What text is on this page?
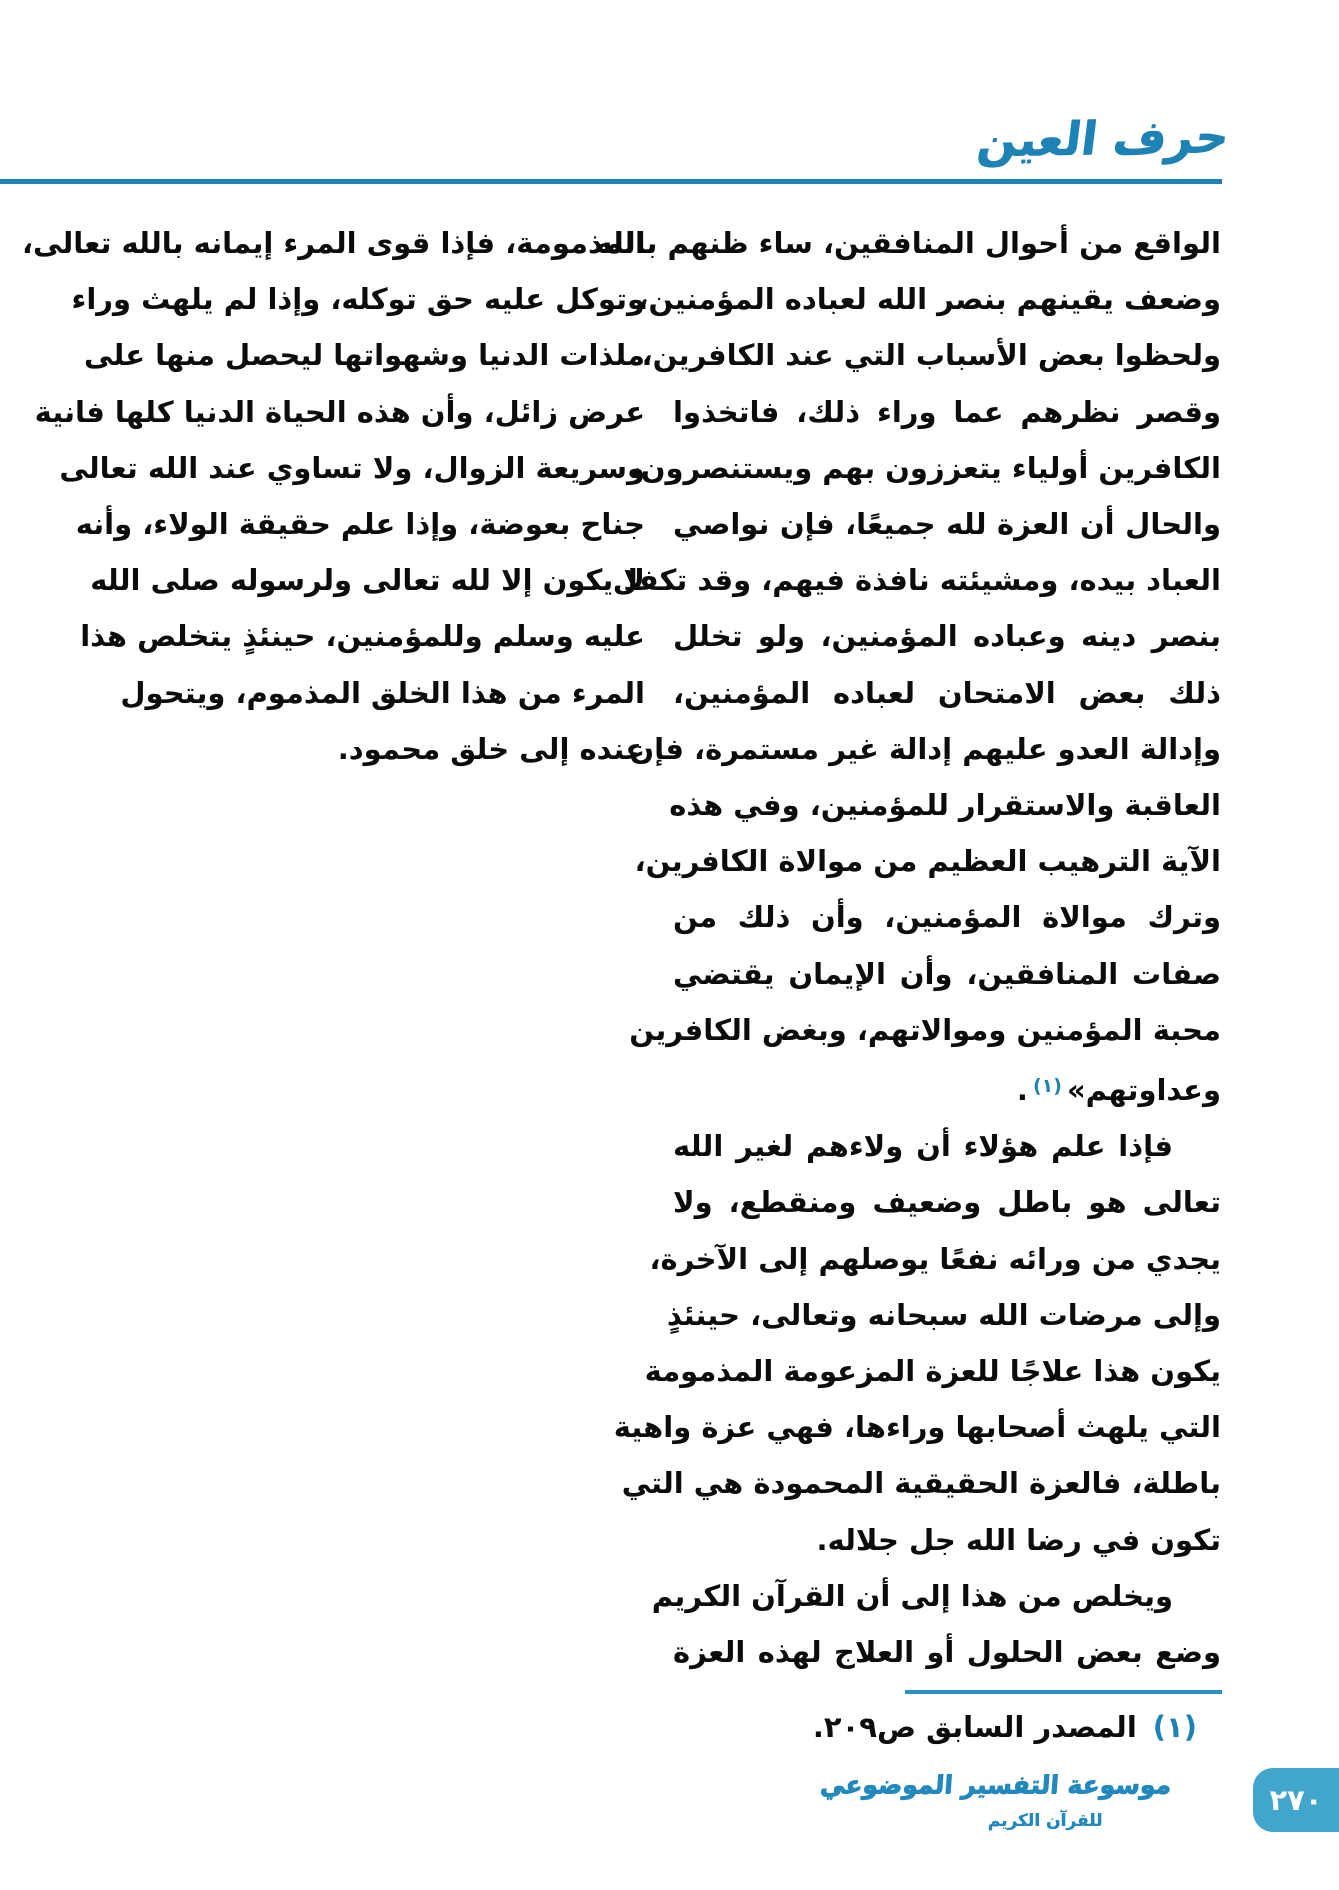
حرف العين
الواقع من أحوال المنافقين، ساء ظنهم بالله
وضعف يقينهم بنصر الله لعباده المؤمنين،
ولحظوا بعض الأسباب التي عند الكافرين،
وقصر نظرهم عما وراء ذلك، فاتخذوا
الكافرين أولياء يتعززون بهم ويستنصرون،
والحال أن العزة لله جميعًا، فإن نواصي
العباد بيده، ومشيئته نافذة فيهم، وقد تكفل
بنصر دينه وعباده المؤمنين، ولو تخلل
ذلك بعض الامتحان لعباده المؤمنين،
وإدالة العدو عليهم إدالة غير مستمرة، فإن
العاقبة والاستقرار للمؤمنين، وفي هذه
الآية الترهيب العظيم من موالاة الكافرين،
وترك موالاة المؤمنين، وأن ذلك من
صفات المنافقين، وأن الإيمان يقتضي
محبة المؤمنين وموالاتهم، وبغض الكافرين
وعداوتهم»$^{(١)}$.
فإذا علم هؤلاء أن ولاءهم لغير الله
تعالى هو باطل وضعيف ومنقطع، ولا
يجدي من ورائه نفعًا يوصلهم إلى الآخرة،
وإلى مرضات الله سبحانه وتعالى، حينئذٍ
يكون هذا علاجًا للعزة المزعومة المذمومة
التي يلهث أصحابها وراءها، فهي عزة واهية
باطلة، فالعزة الحقيقية المحمودة هي التي
تكون في رضا الله جل جلاله.
ويخلص من هذا إلى أن القرآن الكريم
وضع بعض الحلول أو العلاج لهذه العزة
المذمومة، فإذا قوى المرء إيمانه بالله تعالى،
وتوكل عليه حق توكله، وإذا لم يلهث وراء
ملذات الدنيا وشهواتها ليحصل منها على
عرض زائل، وأن هذه الحياة الدنيا كلها فانية
وسريعة الزوال، ولا تساوي عند الله تعالى
جناح بعوضة، وإذا علم حقيقة الولاء، وأنه
لا يكون إلا لله تعالى ولرسوله صلى الله
عليه وسلم وللمؤمنين، حينئذٍ يتخلص هذا
المرء من هذا الخلق المذموم، ويتحول
عنده إلى خلق محمود.
(١)المصدر السابق ص٢٠٩.
موسوعة التفسير الموضوعي
للقرآن الكريم
٢٧٠
